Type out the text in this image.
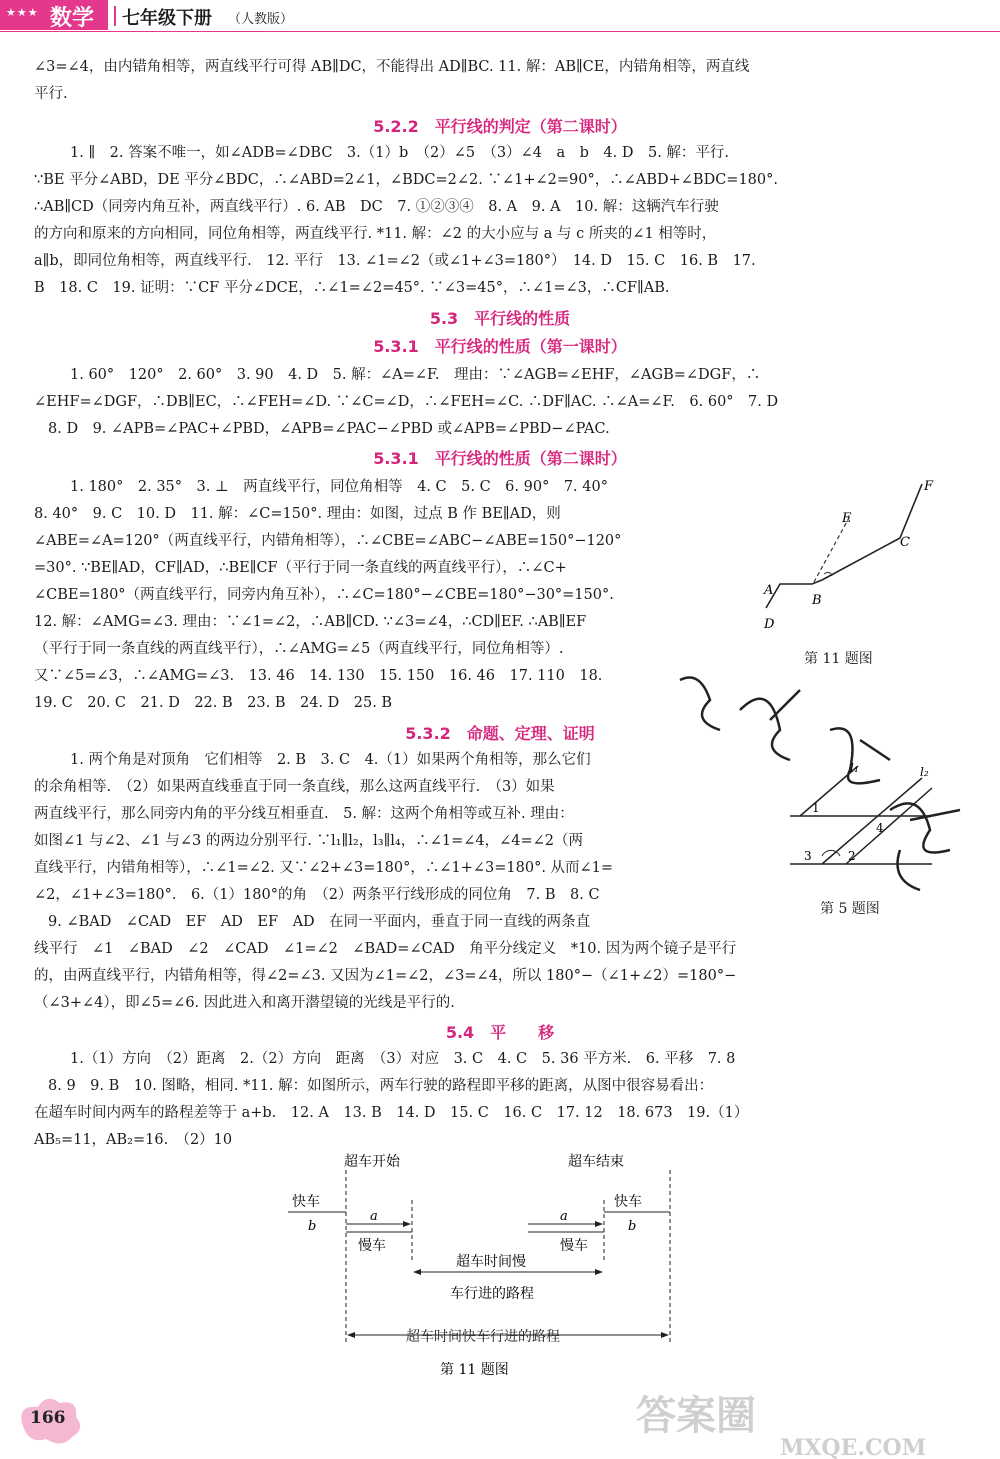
★★★ 数学 七年级下册 （人教版）
∠3=∠4，由内错角相等，两直线平行可得 AB∥DC，不能得出 AD∥BC. 11. 解：AB∥CE，内错角相等，两直线
平行.
5.2.2　平行线的判定（第二课时）
1. ∥　2. 答案不唯一，如∠ADB=∠DBC　3.（1）b　（2）∠5　（3）∠4　a　b　4. D　5. 解：平行.
∵BE 平分∠ABD，DE 平分∠BDC，∴∠ABD=2∠1，∠BDC=2∠2. ∵∠1+∠2=90°，∴∠ABD+∠BDC=180°.
∴AB∥CD（同旁内角互补，两直线平行）. 6. AB　DC　7. ①②③④　8. A　9. A　10. 解：这辆汽车行驶
的方向和原来的方向相同，同位角相等，两直线平行. *11. 解：∠2 的大小应与 a 与 c 所夹的∠1 相等时，
a∥b，即同位角相等，两直线平行.　12. 平行　13. ∠1=∠2（或∠1+∠3=180°）　14. D　15. C　16. B　17.
B　18. C　19. 证明：∵CF 平分∠DCE，∴∠1=∠2=45°. ∵∠3=45°，∴∠1=∠3，∴CF∥AB.
5.3　平行线的性质
5.3.1　平行线的性质（第一课时）
1. 60°　120°　2. 60°　3. 90　4. D　5. 解：∠A=∠F.　理由：∵∠AGB=∠EHF，∠AGB=∠DGF，∴
∠EHF=∠DGF，∴DB∥EC，∴∠FEH=∠D. ∵∠C=∠D，∴∠FEH=∠C. ∴DF∥AC. ∴∠A=∠F.　6. 60°　7. D
8. D　9. ∠APB=∠PAC+∠PBD，∠APB=∠PAC−∠PBD 或∠APB=∠PBD−∠PAC.
5.3.1　平行线的性质（第二课时）
1. 180°　2. 35°　3. ⊥　两直线平行，同位角相等　4. C　5. C　6. 90°　7. 40°
8. 40°　9. C　10. D　11. 解：∠C=150°. 理由：如图，过点 B 作 BE∥AD，则
∠ABE=∠A=120°（两直线平行，内错角相等），∴∠CBE=∠ABC−∠ABE=150°−120°
=30°. ∵BE∥AD，CF∥AD，∴BE∥CF（平行于同一条直线的两直线平行），∴∠C+
∠CBE=180°（两直线平行，同旁内角互补），∴∠C=180°−∠CBE=180°−30°=150°.
12. 解：∠AMG=∠3. 理由：∵∠1=∠2，∴AB∥CD. ∵∠3=∠4，∴CD∥EF. ∴AB∥EF
（平行于同一条直线的两直线平行），∴∠AMG=∠5（两直线平行，同位角相等）.
又∵∠5=∠3，∴∠AMG=∠3.　13. 46　14. 130　15. 150　16. 46　17. 110　18.
19. C　20. C　21. D　22. B　23. B　24. D　25. B
F
E
C
A
B
D
第 11 题图
5.3.2　命题、定理、证明
1. 两个角是对顶角　它们相等　2. B　3. C　4.（1）如果两个角相等，那么它们
的余角相等.　（2）如果两直线垂直于同一条直线，那么这两直线平行.　（3）如果
两直线平行，那么同旁内角的平分线互相垂直.　5. 解：这两个角相等或互补. 理由：
如图∠1 与∠2、∠1 与∠3 的两边分别平行. ∵l₁∥l₂，l₃∥l₄，∴∠1=∠4，∠4=∠2（两
直线平行，内错角相等），∴∠1=∠2. 又∵∠2+∠3=180°，∴∠1+∠3=180°. 从而∠1=
∠2，∠1+∠3=180°.　6.（1）180°的角　（2）两条平行线形成的同位角　7. B　8. C
9. ∠BAD　∠CAD　EF　AD　EF　AD　在同一平面内，垂直于同一直线的两条直
线平行　∠1　∠BAD　∠2　∠CAD　∠1=∠2　∠BAD=∠CAD　角平分线定义　*10. 因为两个镜子是平行
的，由两直线平行，内错角相等，得∠2=∠3. 又因为∠1=∠2，∠3=∠4，所以 180°−（∠1+∠2）=180°−
（∠3+∠4），即∠5=∠6. 因此进入和离开潜望镜的光线是平行的.
l₁	l₂
1
4
3	2
第 5 题图
5.4　平　　移
1.（1）方向　（2）距离　2.（2）方向　距离　（3）对应　3. C　4. C　5. 36 平方米.　6. 平移　7. 8
8. 9　9. B　10. 图略，相同. *11. 解：如图所示，两车行驶的路程即平移的距离，从图中很容易看出：
在超车时间内两车的路程差等于 a+b.　12. A　13. B　14. D　15. C　16. C　17. 12　18. 673　19.（1）
AB₅=11，AB₂=16.　（2）10
超车开始	超车结束
快车
b
a
慢车
a
慢车
快车
b
超车时间慢
车行进的路程
超车时间快车行进的路程
第 11 题图
166	答案圈
MXQE.COM
